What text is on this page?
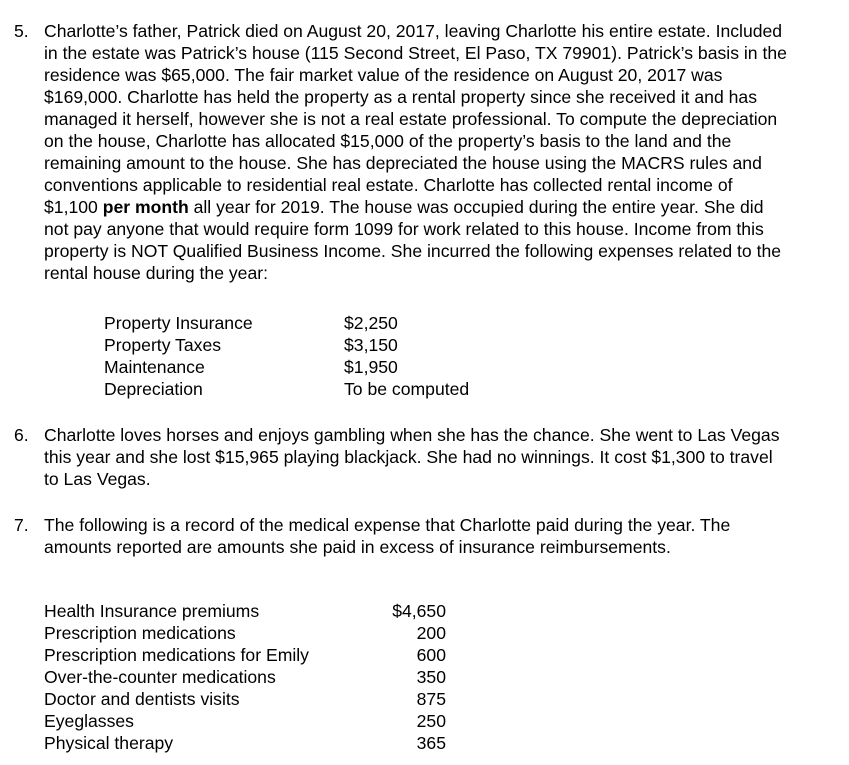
5. Charlotte’s father, Patrick died on August 20, 2017, leaving Charlotte his entire estate. Included

in the estate was Patrick’s house (115 Second Street, El Paso, TX 79901). Patrick’s basis in the

residence was $65,000. The fair market value of the residence on August 20, 2017 was

$169,000. Charlotte has held the property as a rental property since she received it and has

managed it herself, however she is not a real estate professional. To compute the depreciation

on the house, Charlotte has allocated $15,000 of the property’s basis to the land and the

remaining amount to the house. She has depreciated the house using the MACRS rules and

conventions applicable to residential real estate. Charlotte has collected rental income of

$1,100 per month all year for 2019. The house was occupied during the entire year. She did

not pay anyone that would require form 1099 for work related to this house. Income from this

property is NOT Qualified Business Income. She incurred the following expenses related to the

rental house during the year:

Property Insurance	$2,250
Property Taxes	$3,150
Maintenance	$1,950
Depreciation	To be computed
6. Charlotte loves horses and enjoys gambling when she has the chance. She went to Las Vegas

this year and she lost $15,965 playing blackjack. She had no winnings. It cost $1,300 to travel

to Las Vegas.

7. The following is a record of the medical expense that Charlotte paid during the year. The

amounts reported are amounts she paid in excess of insurance reimbursements.

Health Insurance premiums	$4,650
Prescription medications	200
Prescription medications for Emily	600
Over-the-counter medications	350
Doctor and dentists visits	875
Eyeglasses	250
Physical therapy	365
